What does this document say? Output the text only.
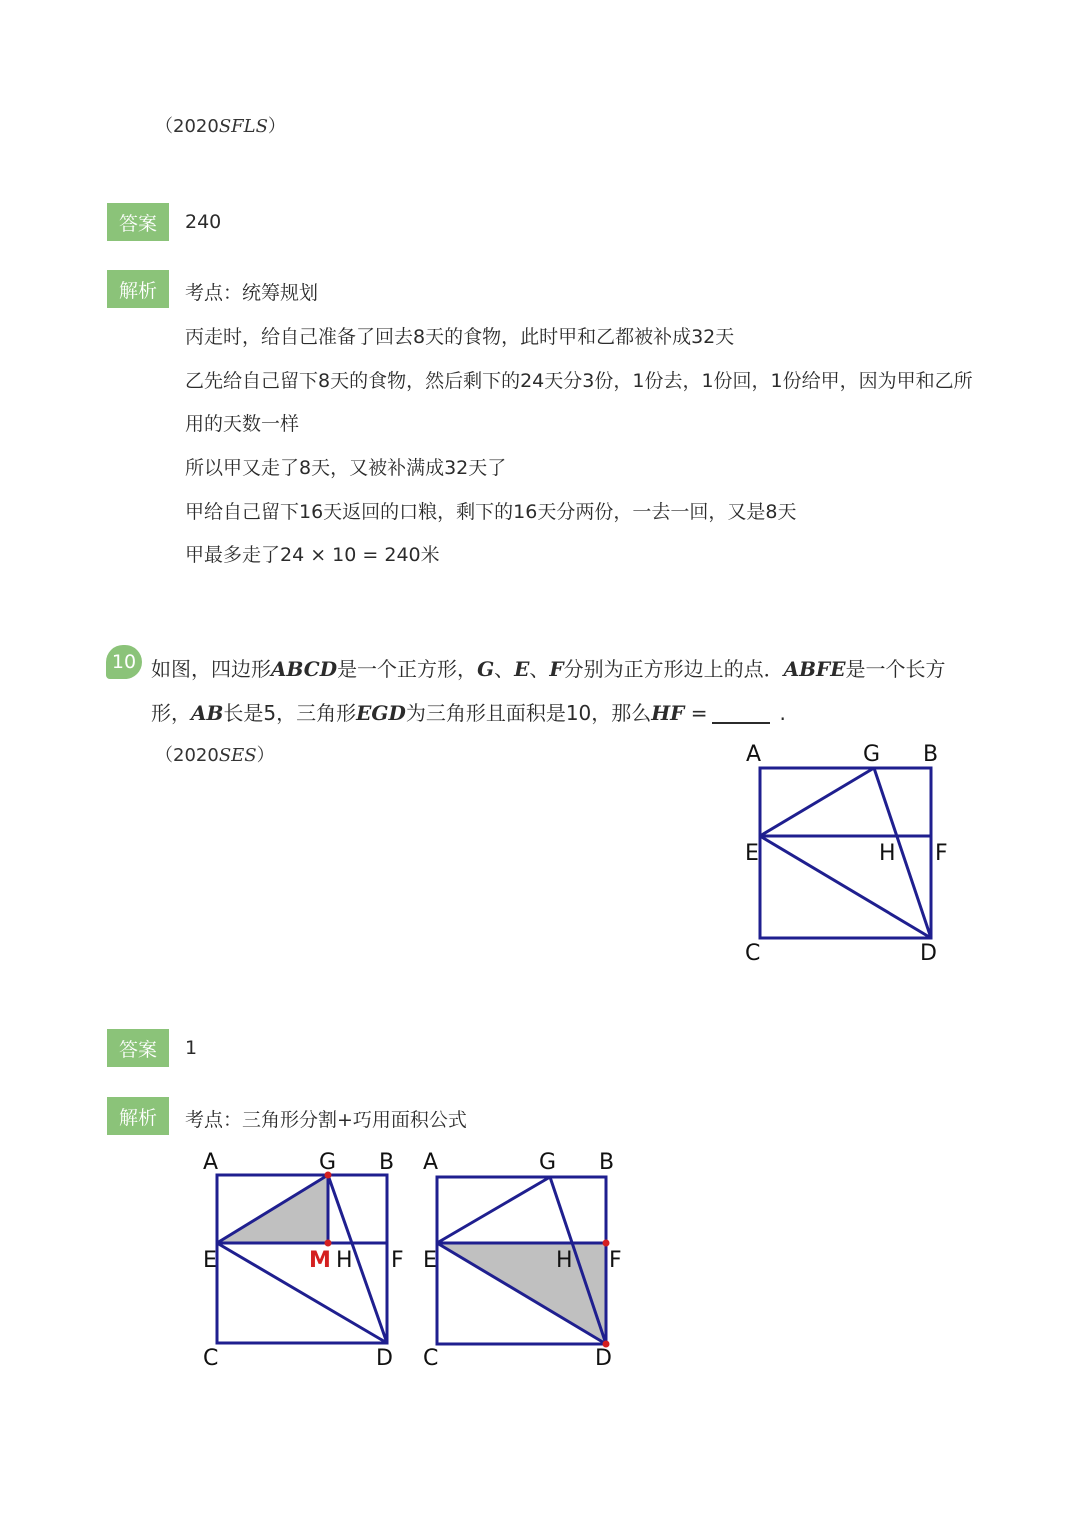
（2020SFLS）
答案	240
解析	考点：统筹规划
丙走时，给自己准备了回去8天的食物，此时甲和乙都被补成32天
乙先给自己留下8天的食物，然后剩下的24天分3份，1份去，1份回，1份给甲，因为甲和乙所
用的天数一样
所以甲又走了8天，又被补满成32天了
甲给自己留下16天返回的口粮，剩下的16天分两份，一去一回，又是8天
甲最多走了24 × 10 = 240米
10 如图，四边形ABCD是一个正方形，G、E、F分别为正方形边上的点．ABFE是一个长方
形，AB长是5，三角形EGD为三角形且面积是10，那么HF =	.
（2020SES）	A	G B
E	H F
C	D
答案	1
解析	考点：三角形分割+巧用面积公式
A	G B
E	M H F
C	D
A	G B
E	H F
C	D
